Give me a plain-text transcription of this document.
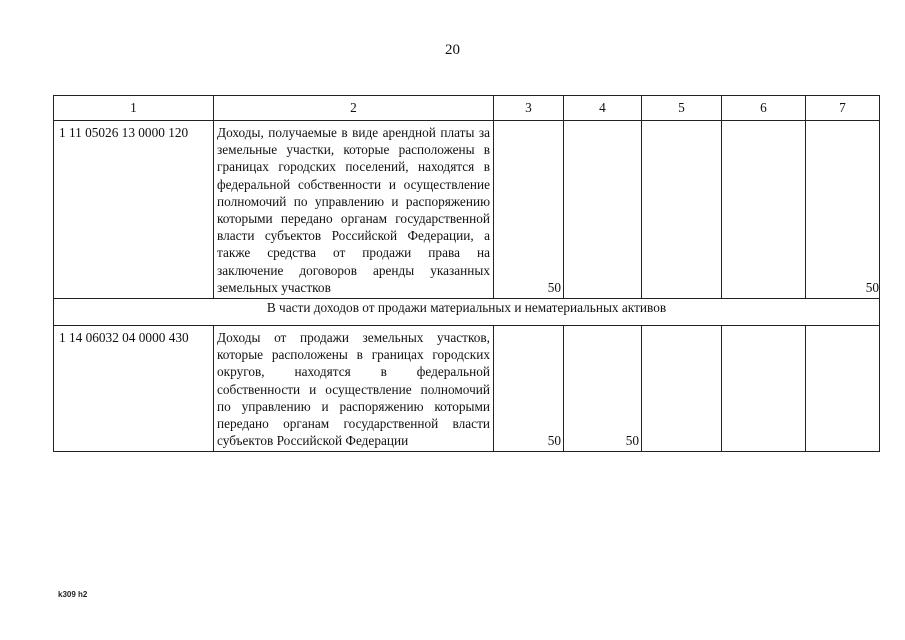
20
1	2	3	4	5	6	7
1 11 05026 13 0000 120	Доходы, получаемые в виде арендной платы за земельные участки, которые расположены в границах городских поселений, находятся в федеральной собственности и осуществление полномочий по управлению и распоряжению которыми передано органам государственной власти субъектов Российской Федерации, а также средства от продажи права на заключение договоров аренды указанных земельных участков	50				50
В части доходов от продажи материальных и нематериальных активов						
1 14 06032 04 0000 430	Доходы от продажи земельных участков, которые расположены в границах городских округов, находятся в федеральной собственности и осуществление полномочий по управлению и распоряжению которыми передано органам государственной власти субъектов Российской Федерации	50	50			
k309 h2
